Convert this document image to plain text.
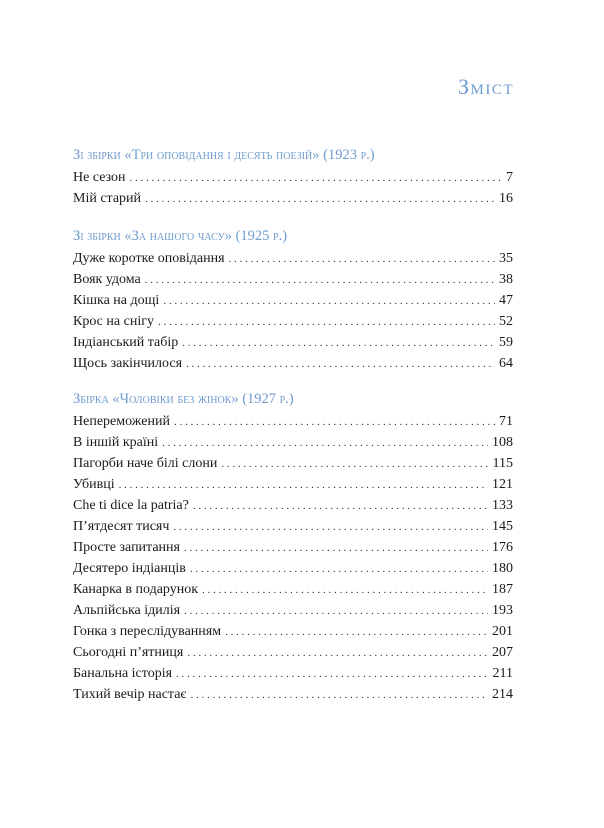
Зміст
Зі збірки «Три оповідання і десять поезій» (1923 р.)
Не сезон . . .	7
Мій старий . . .	16
Зі збірки «За нашого часу» (1925 р.)
Дуже коротке оповідання . . .	35
Вояк удома . . .	38
Кішка на дощі . . .	47
Крос на снігу . . .	52
Індіанський табір . . .	59
Щось закінчилося . . .	64
Збірка «Чоловіки без жінок» (1927 р.)
Непереможений . . .	71
В іншій країні . . .	108
Пагорби наче білі слони . . .	115
Убивці . . .	121
Che ti dice la patria? . . .	133
П’ятдесят тисяч . . .	145
Просте запитання . . .	176
Десятеро індіанців . . .	180
Канарка в подарунок . . .	187
Альпійська ідилія . . .	193
Гонка з переслідуванням . . .	201
Сьогодні п’ятниця . . .	207
Банальна історія . . .	211
Тихий вечір настає . . .	214
